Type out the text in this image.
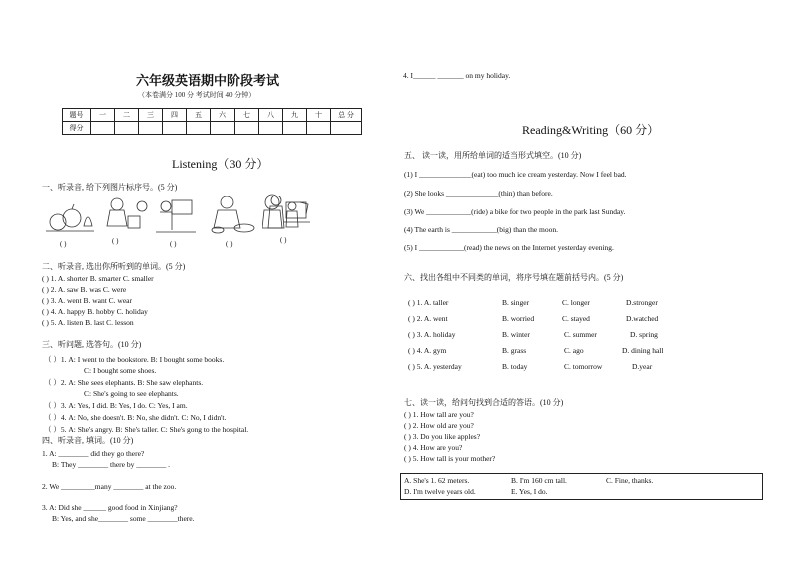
六年级英语期中阶段考试
（本卷满分 100 分 考试时间 40 分钟）
题号	一	二	三	四	五	六	七	八	九	十	总 分
得分											
Listening（30 分）
一、听录音, 给下列图片标序号。(5 分)
( )	( )	( )	( )	( )
二、听录音, 选出你所听到的单词。(5 分)
( ) 1. A. shorter B. smarter C. smaller
( ) 2. A. saw B. was C. were
( ) 3. A. went B. want C. wear
( ) 4. A. happy B. hobby C. holiday
( ) 5. A. listen B. last C. lesson
三、听问题, 选答句。(10 分)
（ ）1. A: I went to the bookstore. B: I bought some books.
C: I bought some shoes.
（ ）2. A: She sees elephants. B: She saw elephants.
C: She's going to see elephants.
（ ）3. A: Yes, I did. B: Yes, I do. C: Yes, I am.
（ ）4. A: No, she doesn't. B: No, she didn't. C: No, I didn't.
（ ）5. A: She's angry. B: She's taller. C: She's gong to the hospital.
四、听录音, 填词。(10 分)
1. A: ________ did they go there?
B: They ________ there by ________ .
2. We _________many ________ at the zoo.
3. A: Did she ______ good food in Xinjiang?
B: Yes, and she________ some ________there.
4. I______ _______ on my holiday.
Reading&Writing（60 分）
五、 读一读，用所给单词的适当形式填空。(10 分)
(1) I ______________(eat) too much ice cream yesterday. Now I feel bad.
(2) She looks ______________(thin) than before.
(3) We ____________(ride) a bike for two people in the park last Sunday.
(4) The earth is ____________(big) than the moon.
(5) I ____________(read) the news on the Internet yesterday evening.
六、找出各组中不同类的单词，将序号填在题前括号内。(5 分)
( ) 1. A. taller	B. singer	C. longer	D.stronger
( ) 2. A. went	B. worried	C. stayed	D.watched
( ) 3. A. holiday	B. winter	C. summer	D. spring
( ) 4. A. gym	B. grass	C. ago	D. dining hall
( ) 5. A. yesterday	B. today	C. tomorrow	D.year
七、读一读，给问句找到合适的答语。(10 分)
( ) 1. How tall are you?
( ) 2. How old are you?
( ) 3. Do you like apples?
( ) 4. How are you?
( ) 5. How tall is your mother?
A. She's 1. 62 meters.	B. I'm 160 cm tall.	C. Fine, thanks.
D. I'm twelve years old.	E. Yes, I do.
